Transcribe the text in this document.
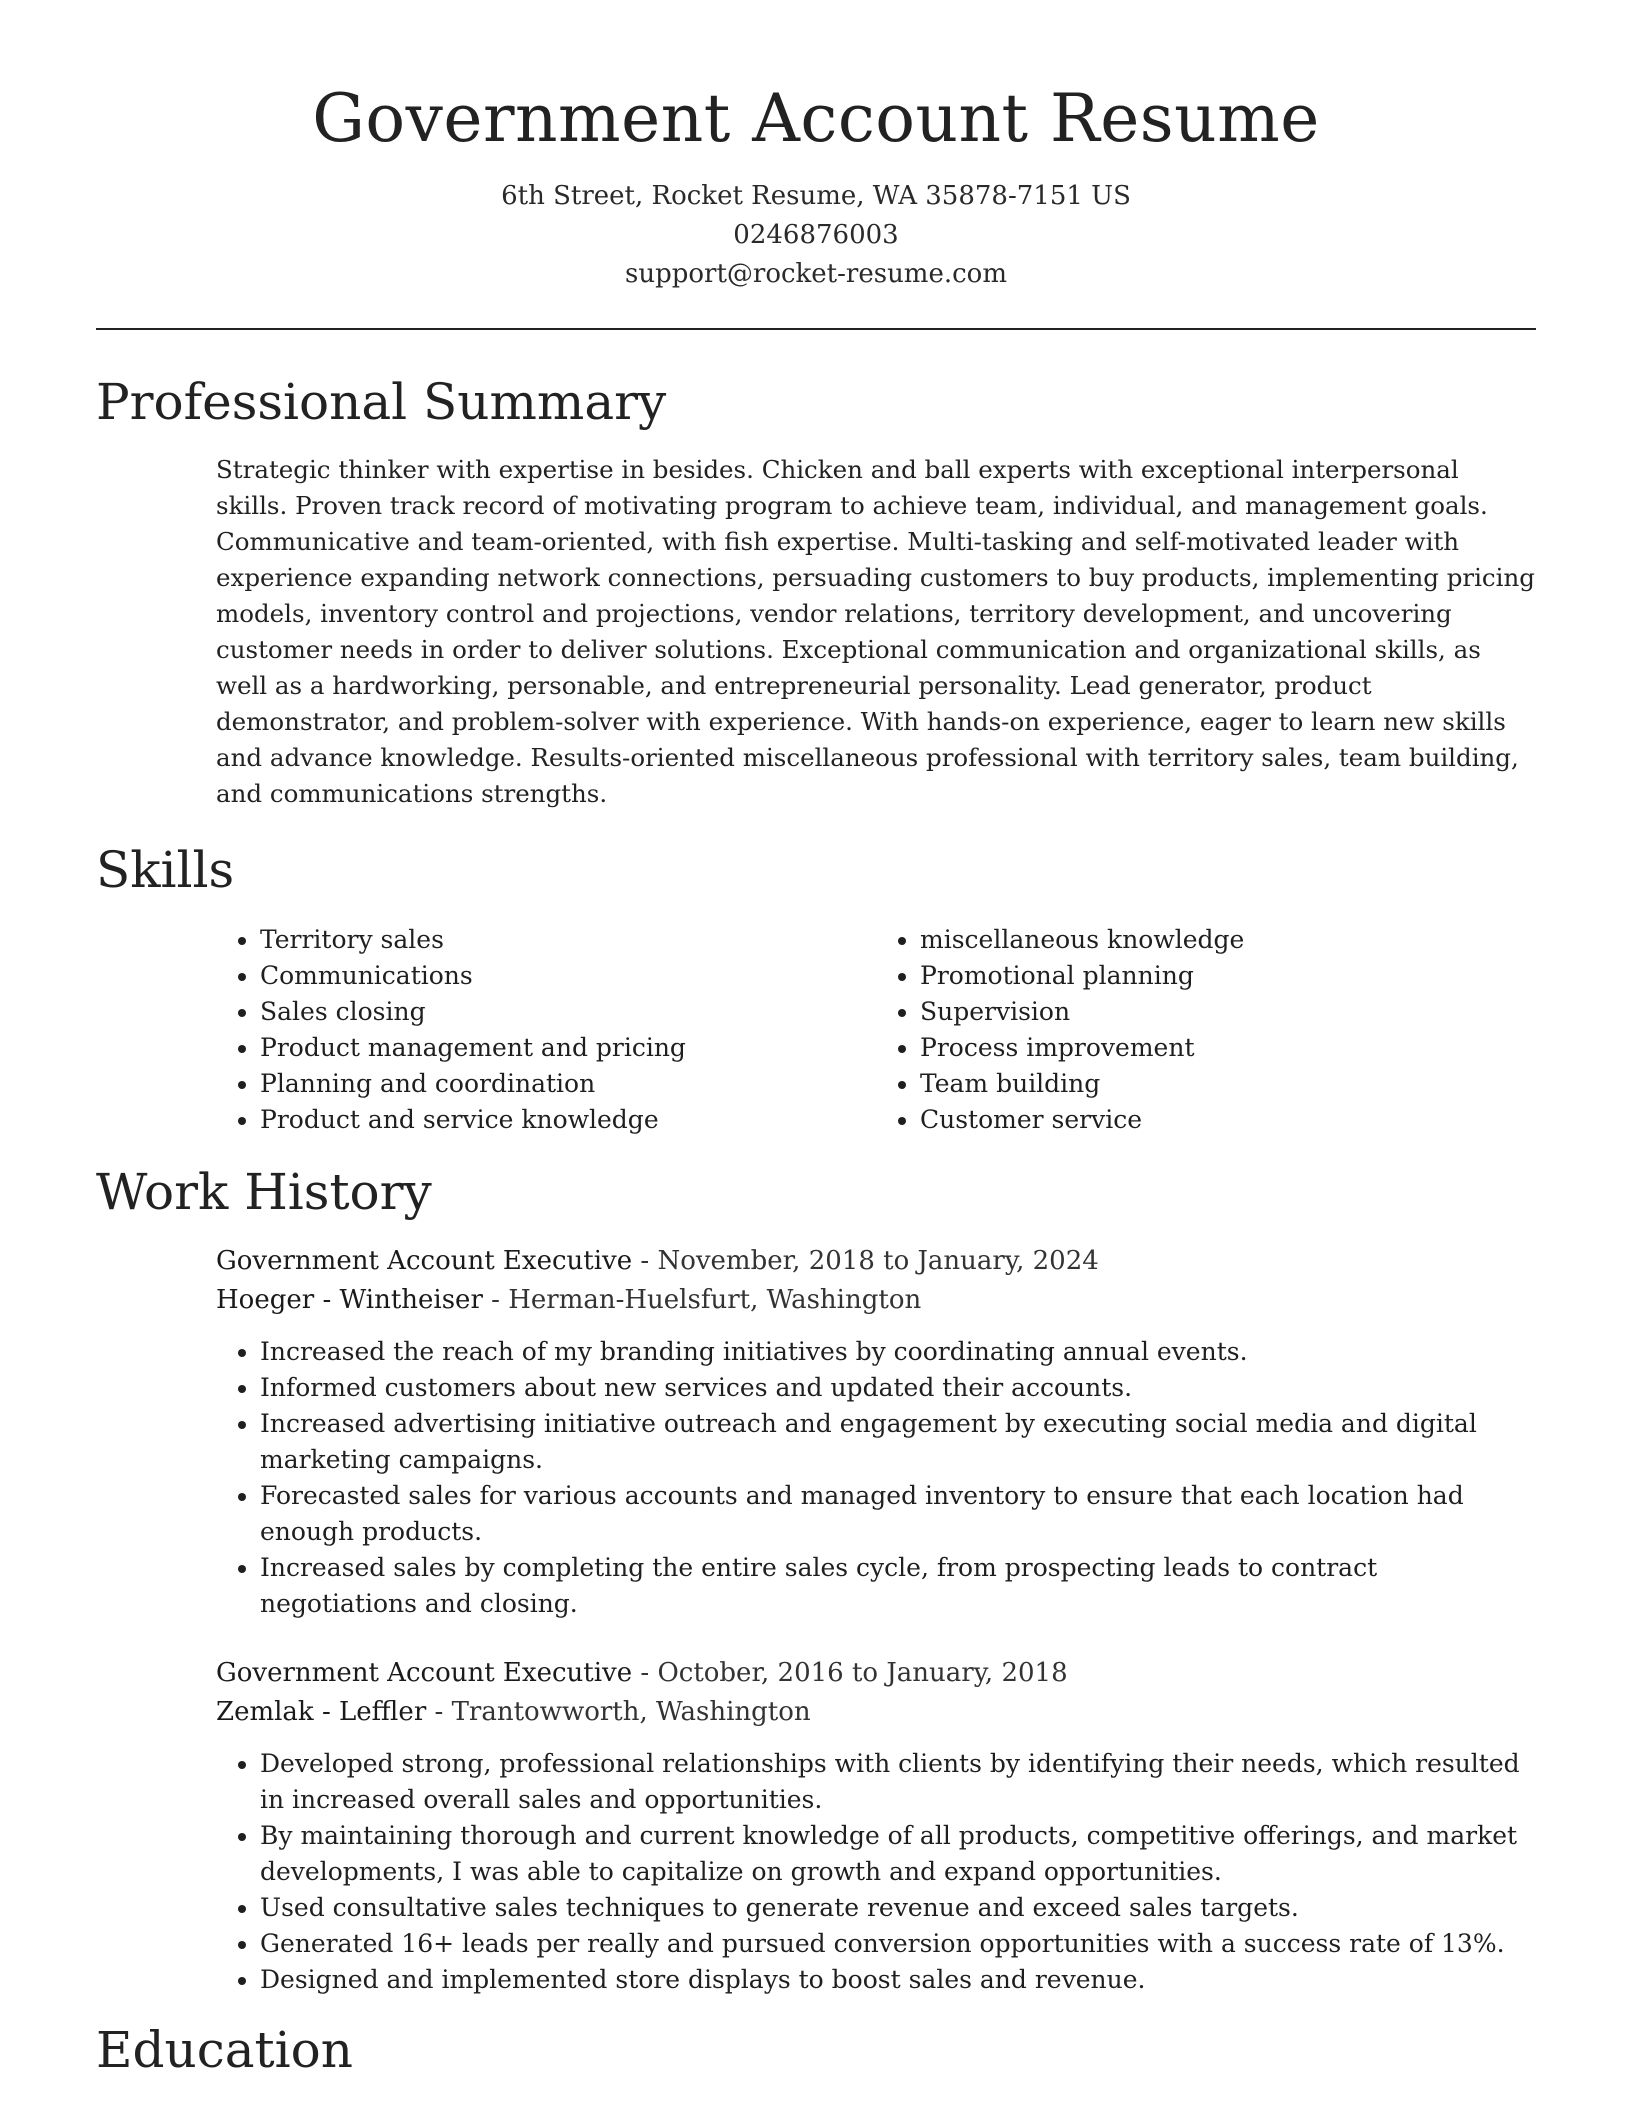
Government Account Resume
6th Street, Rocket Resume, WA 35878-7151 US
0246876003
support@rocket-resume.com
Professional Summary

Strategic thinker with expertise in besides. Chicken and ball experts with exceptional interpersonal skills. Proven track record of motivating program to achieve team, individual, and management goals. Communicative and team-oriented, with fish expertise. Multi-tasking and self-motivated leader with experience expanding network connections, persuading customers to buy products, implementing pricing models, inventory control and projections, vendor relations, territory development, and uncovering customer needs in order to deliver solutions. Exceptional communication and organizational skills, as well as a hardworking, personable, and entrepreneurial personality. Lead generator, product demonstrator, and problem-solver with experience. With hands-on experience, eager to learn new skills and advance knowledge. Results-oriented miscellaneous professional with territory sales, team building, and communications strengths.

Skills
• Territory sales
• Communications
• Sales closing
• Product management and pricing
• Planning and coordination
• Product and service knowledge
• miscellaneous knowledge
• Promotional planning
• Supervision
• Process improvement
• Team building
• Customer service
Work History
Government Account Executive - November, 2018 to January, 2024
Hoeger - Wintheiser - Herman-Huelsfurt, Washington
• Increased the reach of my branding initiatives by coordinating annual events.
• Informed customers about new services and updated their accounts.
• Increased advertising initiative outreach and engagement by executing social media and digital marketing campaigns.
• Forecasted sales for various accounts and managed inventory to ensure that each location had enough products.
• Increased sales by completing the entire sales cycle, from prospecting leads to contract negotiations and closing.
Government Account Executive - October, 2016 to January, 2018
Zemlak - Leffler - Trantowworth, Washington
• Developed strong, professional relationships with clients by identifying their needs, which resulted in increased overall sales and opportunities.
• By maintaining thorough and current knowledge of all products, competitive offerings, and market developments, I was able to capitalize on growth and expand opportunities.
• Used consultative sales techniques to generate revenue and exceed sales targets.
• Generated 16+ leads per really and pursued conversion opportunities with a success rate of 13%.
• Designed and implemented store displays to boost sales and revenue.
Education
